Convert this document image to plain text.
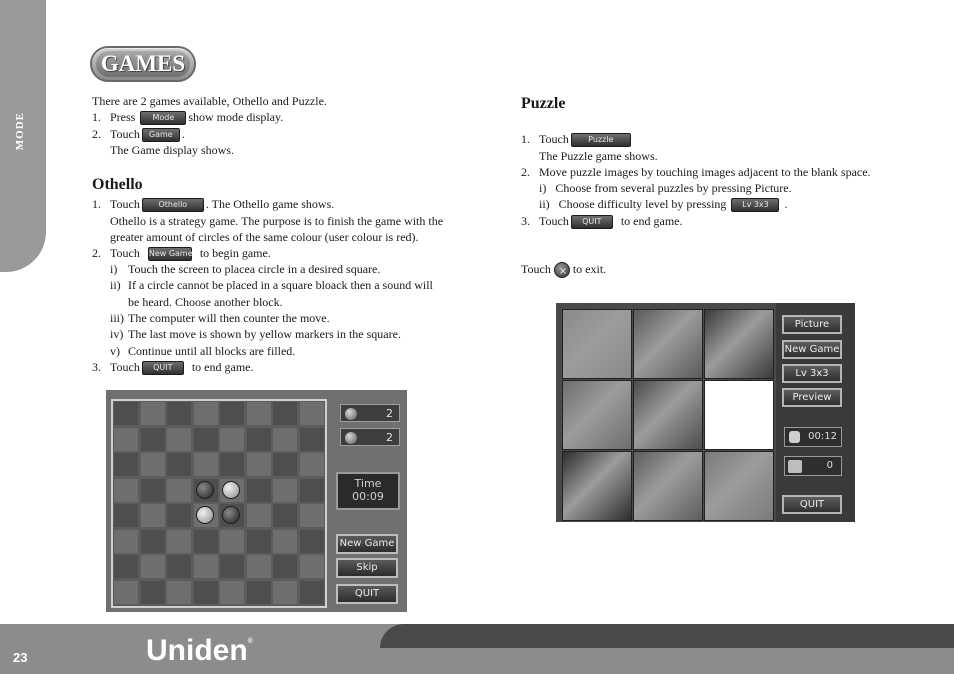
MODE
GAMES
There are 2 games available, Othello and Puzzle.
1. Press Mode show mode display.
2. Touch Game .
The Game display shows.
Othello
1. Touch Othello . The Othello game shows.
Othello is a strategy game. The purpose is to finish the game with the
greater amount of circles of the same colour (user colour is red).
2. Touch New Game to begin game.
i) Touch the screen to placea circle in a desired square.
ii) If a circle cannot be placed in a square bloack then a sound will
be heard. Choose another block.
iii) The computer will then counter the move.
iv) The last move is shown by yellow markers in the square.
v) Continue until all blocks are filled.
3. Touch QUIT to end game.
2
2
Time
00:09
New Game
Skip
QUIT
Puzzle
1. Touch Puzzle
The Puzzle game shows.
2. Move puzzle images by touching images adjacent to the blank space.
i) Choose from several puzzles by pressing Picture.
ii) Choose difficulty level by pressing Lv 3x3 .
3. Touch QUIT to end game.
Touch × to exit.
Picture
New Game
Lv 3x3
Preview
00:12
0
QUIT
23	Uniden®
